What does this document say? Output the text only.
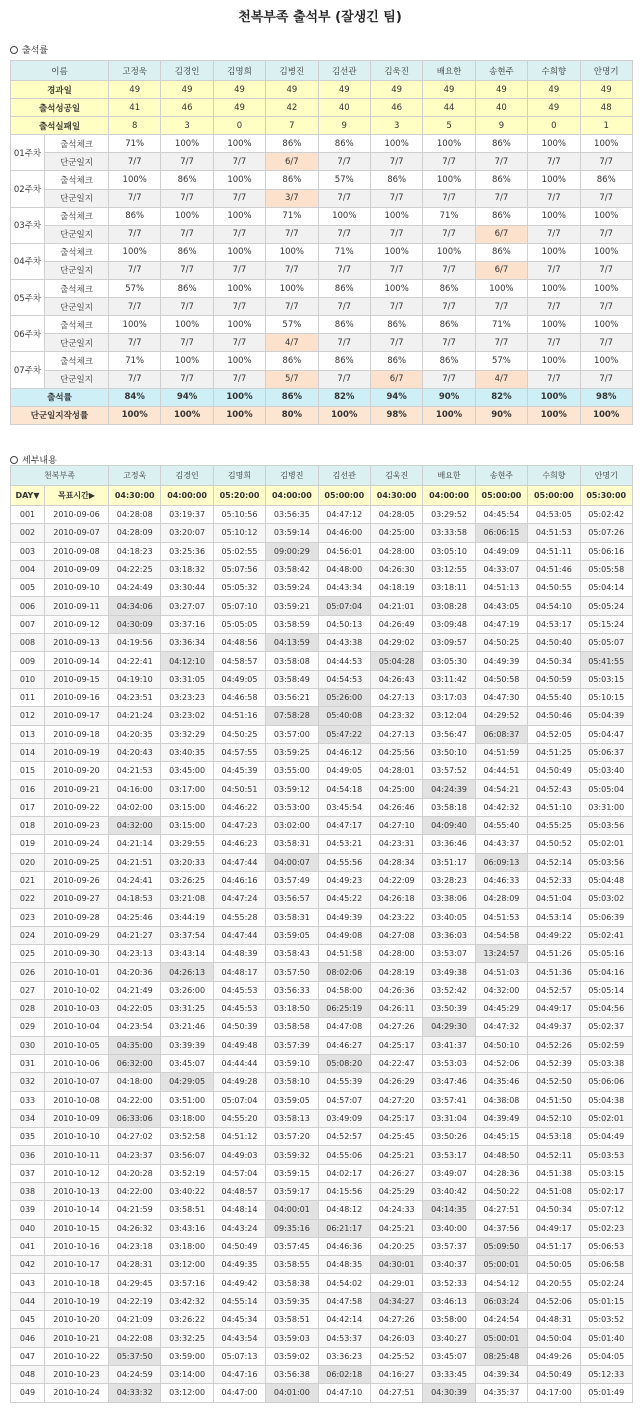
천복부족 출석부 (잘생긴 팀)
출석률
이름		고정욱	김경인	김명희	김병진	김선관	김욱진	배요한	송현주	수희향	안명기
경과일		49	49	49	49	49	49	49	49	49	49
출석성공일		41	46	49	42	40	46	44	40	49	48
출석실패일		8	3	0	7	9	3	5	9	0	1
01주차	출석체크	71%	100%	100%	86%	86%	100%	100%	86%	100%	100%
	단군일지	7/7	7/7	7/7	6/7	7/7	7/7	7/7	7/7	7/7	7/7
02주차	출석체크	100%	86%	100%	86%	57%	86%	100%	86%	100%	86%
	단군일지	7/7	7/7	7/7	3/7	7/7	7/7	7/7	7/7	7/7	7/7
03주차	출석체크	86%	100%	100%	71%	100%	100%	71%	86%	100%	100%
	단군일지	7/7	7/7	7/7	7/7	7/7	7/7	7/7	6/7	7/7	7/7
04주차	출석체크	100%	86%	100%	100%	71%	100%	100%	86%	100%	100%
	단군일지	7/7	7/7	7/7	7/7	7/7	7/7	7/7	6/7	7/7	7/7
05주차	출석체크	57%	86%	100%	100%	86%	100%	86%	100%	100%	100%
	단군일지	7/7	7/7	7/7	7/7	7/7	7/7	7/7	7/7	7/7	7/7
06주차	출석체크	100%	100%	100%	57%	86%	86%	86%	71%	100%	100%
	단군일지	7/7	7/7	7/7	4/7	7/7	7/7	7/7	7/7	7/7	7/7
07주차	출석체크	71%	100%	100%	86%	86%	86%	86%	57%	100%	100%
	단군일지	7/7	7/7	7/7	5/7	7/7	6/7	7/7	4/7	7/7	7/7
출석률		84%	94%	100%	86%	82%	94%	90%	82%	100%	98%
단군일지작성률		100%	100%	100%	80%	100%	98%	100%	90%	100%	100%
세부내용
천복부족		고정욱	김경인	김명희	김병진	김선관	김욱진	배요한	송현주	수희향	안명기
DAY▼	목표시간▶	04:30:00	04:00:00	05:20:00	04:00:00	05:00:00	04:30:00	04:00:00	05:00:00	05:00:00	05:30:00
001	2010-09-06	04:28:08	03:19:37	05:10:56	03:56:35	04:47:12	04:28:05	03:29:52	04:45:54	04:53:05	05:02:42
002	2010-09-07	04:28:09	03:20:07	05:10:12	03:59:14	04:46:00	04:25:00	03:33:58	06:06:15	04:51:53	05:07:26
003	2010-09-08	04:18:23	03:25:36	05:02:55	09:00:29	04:56:01	04:28:00	03:05:10	04:49:09	04:51:11	05:06:16
004	2010-09-09	04:22:25	03:18:32	05:07:56	03:58:42	04:48:00	04:26:30	03:12:55	04:33:07	04:51:46	05:05:58
005	2010-09-10	04:24:49	03:30:44	05:05:32	03:59:24	04:43:34	04:18:19	03:18:11	04:51:13	04:50:55	05:04:14
006	2010-09-11	04:34:06	03:27:07	05:07:10	03:59:21	05:07:04	04:21:01	03:08:28	04:43:05	04:54:10	05:05:24
007	2010-09-12	04:30:09	03:37:16	05:05:05	03:58:59	04:50:13	04:26:49	03:09:48	04:47:19	04:53:17	05:15:24
008	2010-09-13	04:19:56	03:36:34	04:48:56	04:13:59	04:43:38	04:29:02	03:09:57	04:50:25	04:50:40	05:05:07
009	2010-09-14	04:22:41	04:12:10	04:58:57	03:58:08	04:44:53	05:04:28	03:05:30	04:49:39	04:50:34	05:41:55
010	2010-09-15	04:19:10	03:31:05	04:49:05	03:58:49	04:54:53	04:26:43	03:11:42	04:50:58	04:50:59	05:03:15
011	2010-09-16	04:23:51	03:23:23	04:46:58	03:56:21	05:26:00	04:27:13	03:17:03	04:47:30	04:55:40	05:10:15
012	2010-09-17	04:21:24	03:23:02	04:51:16	07:58:28	05:40:08	04:23:32	03:12:04	04:29:52	04:50:46	05:04:39
013	2010-09-18	04:20:35	03:32:29	04:50:25	03:57:00	05:47:22	04:27:13	03:56:47	06:08:37	04:52:05	05:04:47
014	2010-09-19	04:20:43	03:40:35	04:57:55	03:59:25	04:46:12	04:25:56	03:50:10	04:51:59	04:51:25	05:06:37
015	2010-09-20	04:21:53	03:45:00	04:45:39	03:55:00	04:49:05	04:28:01	03:57:52	04:44:51	04:50:49	05:03:40
016	2010-09-21	04:16:00	03:17:00	04:50:51	03:59:12	04:54:18	04:25:00	04:24:39	04:54:21	04:52:43	05:05:04
017	2010-09-22	04:02:00	03:15:00	04:46:22	03:53:00	03:45:54	04:26:46	03:58:18	04:42:32	04:51:10	03:31:00
018	2010-09-23	04:32:00	03:15:00	04:47:23	03:02:00	04:47:17	04:27:10	04:09:40	04:55:40	04:55:25	05:03:56
019	2010-09-24	04:21:14	03:29:55	04:46:23	03:58:31	04:53:21	04:23:31	03:36:46	04:43:37	04:50:52	05:02:01
020	2010-09-25	04:21:51	03:20:33	04:47:44	04:00:07	04:55:56	04:28:34	03:51:17	06:09:13	04:52:14	05:03:56
021	2010-09-26	04:24:41	03:26:25	04:46:16	03:57:49	04:49:23	04:22:09	03:28:23	04:46:33	04:52:33	05:04:48
022	2010-09-27	04:18:53	03:21:08	04:47:24	03:56:57	04:45:22	04:26:18	03:38:06	04:28:09	04:51:04	05:03:02
023	2010-09-28	04:25:46	03:44:19	04:55:28	03:58:31	04:49:39	04:23:22	03:40:05	04:51:53	04:53:14	05:06:39
024	2010-09-29	04:21:27	03:37:54	04:47:44	03:59:05	04:49:08	04:27:08	03:36:03	04:54:58	04:49:22	05:02:41
025	2010-09-30	04:23:13	03:43:14	04:48:39	03:58:43	04:51:58	04:28:00	03:53:07	13:24:57	04:51:26	05:05:16
026	2010-10-01	04:20:36	04:26:13	04:48:17	03:57:50	08:02:06	04:28:19	03:49:38	04:51:03	04:51:36	05:04:16
027	2010-10-02	04:21:49	03:26:00	04:45:53	03:56:33	04:58:00	04:26:36	03:52:42	04:32:00	04:52:57	05:05:14
028	2010-10-03	04:22:05	03:31:25	04:45:53	03:18:50	06:25:19	04:26:11	03:50:39	04:45:29	04:49:17	05:04:56
029	2010-10-04	04:23:54	03:21:46	04:50:39	03:58:58	04:47:08	04:27:26	04:29:30	04:47:32	04:49:37	05:02:37
030	2010-10-05	04:35:00	03:39:39	04:49:48	03:57:39	04:46:27	04:25:17	03:41:37	04:50:10	04:52:26	05:02:59
031	2010-10-06	06:32:00	03:45:07	04:44:44	03:59:10	05:08:20	04:22:47	03:53:03	04:52:06	04:52:39	05:03:38
032	2010-10-07	04:18:00	04:29:05	04:49:28	03:58:10	04:55:39	04:26:29	03:47:46	04:35:46	04:52:50	05:06:06
033	2010-10-08	04:22:00	03:51:00	05:07:04	03:59:05	04:57:07	04:27:20	03:57:41	04:38:08	04:51:50	05:04:38
034	2010-10-09	06:33:06	03:18:00	04:55:20	03:58:13	03:49:09	04:25:17	03:31:04	04:39:49	04:52:10	05:02:01
035	2010-10-10	04:27:02	03:52:58	04:51:12	03:57:20	04:52:57	04:25:45	03:50:26	04:45:15	04:53:18	05:04:49
036	2010-10-11	04:23:37	03:56:07	04:49:03	03:59:32	04:55:06	04:25:21	03:53:17	04:48:50	04:52:11	05:03:53
037	2010-10-12	04:20:28	03:52:19	04:57:04	03:59:15	04:02:17	04:26:27	03:49:07	04:28:36	04:51:38	05:03:15
038	2010-10-13	04:22:00	03:40:22	04:48:57	03:59:17	04:15:56	04:25:29	03:40:42	04:50:22	04:51:08	05:02:17
039	2010-10-14	04:21:59	03:58:51	04:48:14	04:00:01	04:48:12	04:24:33	04:14:35	04:27:51	04:50:34	05:07:12
040	2010-10-15	04:26:32	03:43:16	04:43:24	09:35:16	06:21:17	04:25:21	03:40:00	04:37:56	04:49:17	05:02:23
041	2010-10-16	04:23:18	03:18:00	04:50:49	03:57:45	04:46:36	04:20:25	03:57:37	05:09:50	04:51:17	05:06:53
042	2010-10-17	04:28:31	03:12:00	04:49:35	03:58:55	04:48:35	04:30:01	03:40:37	05:00:01	04:50:05	05:06:58
043	2010-10-18	04:29:45	03:57:16	04:49:42	03:58:38	04:54:02	04:29:01	03:52:33	04:54:12	04:20:55	05:02:24
044	2010-10-19	04:22:19	03:42:32	04:55:14	03:59:35	04:47:58	04:34:27	03:46:13	06:03:24	04:52:06	05:01:15
045	2010-10-20	04:21:09	03:26:22	04:45:34	03:58:51	04:42:14	04:27:26	03:58:00	04:24:54	04:48:31	05:03:52
046	2010-10-21	04:22:08	03:32:25	04:43:54	03:59:03	04:53:37	04:26:03	03:40:27	05:00:01	04:50:04	05:01:40
047	2010-10-22	05:37:50	03:59:00	05:07:13	03:59:02	03:36:23	04:25:52	03:45:07	08:25:48	04:49:26	05:04:05
048	2010-10-23	04:24:59	03:14:00	04:47:16	03:56:38	06:02:18	04:16:27	03:33:45	04:39:34	04:50:49	05:12:33
049	2010-10-24	04:33:32	03:12:00	04:47:00	04:01:00	04:47:10	04:27:51	04:30:39	04:35:37	04:17:00	05:01:49
